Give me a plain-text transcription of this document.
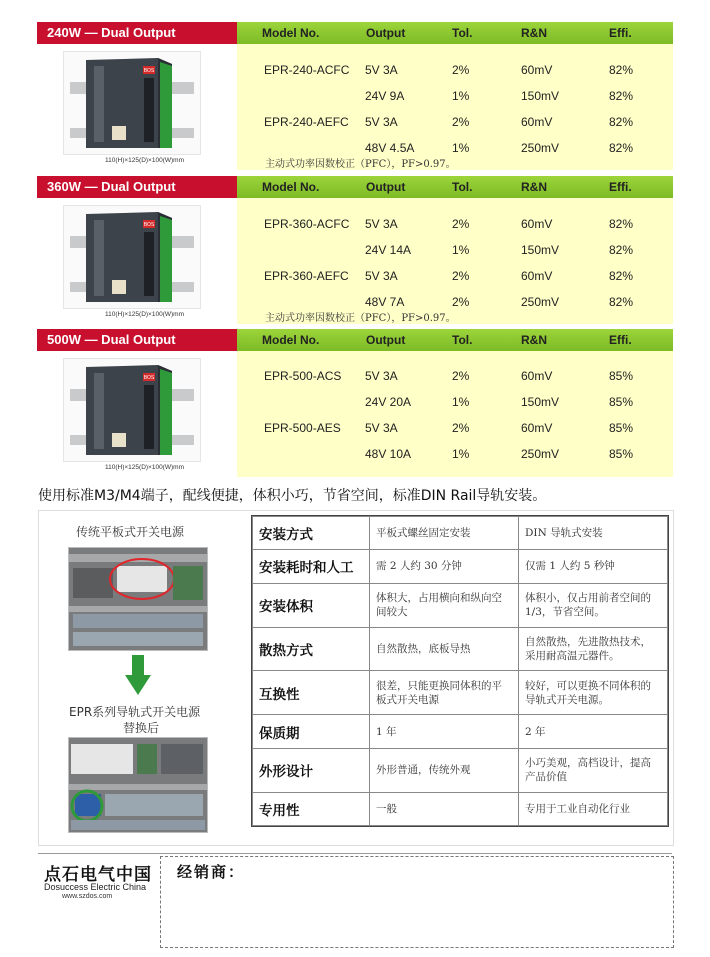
240W — Dual Output	Model No.	Output	Tol.	R&N	Effi.
BOS
110(H)×125(D)×100(W)mm
EPR-240-ACFC 5V 3A	2%	60mV	82%
24V 9A	1%	150mV	82%
EPR-240-AEFC 5V 3A	2%	60mV	82%
48V 4.5A	1%	250mV	82%
主动式功率因数校正（PFC），PF>0.97。
360W — Dual Output	Model No.	Output	Tol.	R&N	Effi.
BOS
110(H)×125(D)×100(W)mm
EPR-360-ACFC 5V 3A	2%	60mV	82%
24V 14A	1%	150mV	82%
EPR-360-AEFC 5V 3A	2%	60mV	82%
48V 7A	2%	250mV	82%
主动式功率因数校正（PFC），PF>0.97。
500W — Dual Output	Model No.	Output	Tol.	R&N	Effi.
BOS
110(H)×125(D)×100(W)mm
EPR-500-ACS 5V 3A	2%	60mV	85%
24V 20A	1%	150mV	85%
EPR-500-AES 5V 3A	2%	60mV	85%
48V 10A	1%	250mV	85%
使用标准M3/M4端子，配线便捷，体积小巧，节省空间，标准DIN Rail导轨安装。
传统平板式开关电源
EPR系列导轨式开关电源
替换后
安装方式	平板式螺丝固定安装	DIN 导轨式安装
安装耗时和人工	需 2 人约 30 分钟	仅需 1 人约 5 秒钟
安装体积	体积大，占用横向和纵向空间较大	体积小，仅占用前者空间的 1/3，节省空间。
散热方式	自然散热，底板导热	自然散热，先进散热技术，采用耐高温元器件。
互换性	很差，只能更换同体积的平板式开关电源	较好，可以更换不同体积的导轨式开关电源。
保质期	1 年	2 年
外形设计	外形普通，传统外观	小巧美观，高档设计，提高产品价值
专用性	一般	专用于工业自动化行业
点石电气中国
Dosuccess Electric China
www.szdos.com
经销商：
